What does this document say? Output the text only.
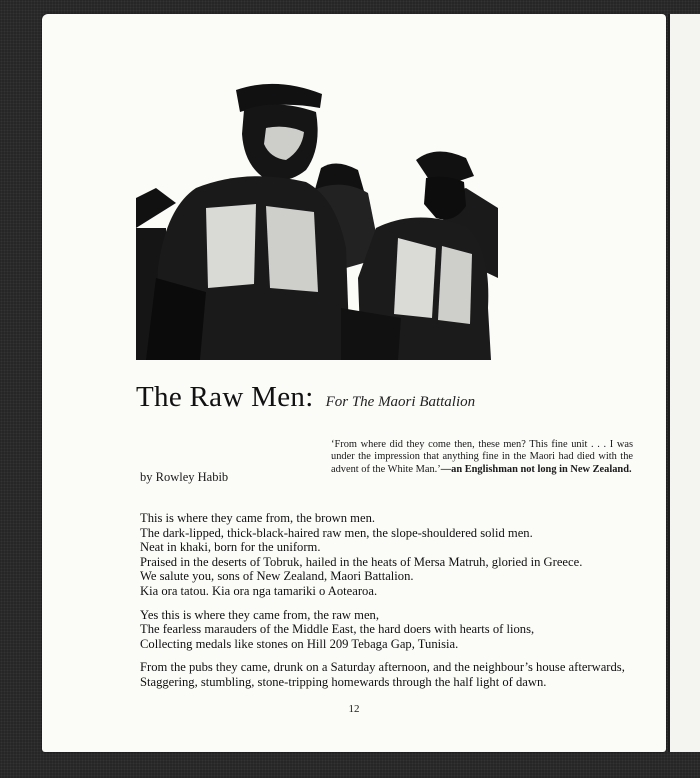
The Raw Men: For The Maori Battalion
‘From where did they come then, these men? This fine unit . . . I was under the impression that anything fine in the Maori had died with the advent of the White Man.’—an Englishman not long in New Zealand.
by Rowley Habib
This is where they came from, the brown men.
The dark-lipped, thick-black-haired raw men, the slope-shouldered solid men.
Neat in khaki, born for the uniform.
Praised in the deserts of Tobruk, hailed in the heats of Mersa Matruh, gloried in Greece.
We salute you, sons of New Zealand, Maori Battalion.
Kia ora tatou. Kia ora nga tamariki o Aotearoa.
Yes this is where they came from, the raw men,
The fearless marauders of the Middle East, the hard doers with hearts of lions,
Collecting medals like stones on Hill 209 Tebaga Gap, Tunisia.
From the pubs they came, drunk on a Saturday afternoon, and the neighbour’s house afterwards,
Staggering, stumbling, stone-tripping homewards through the half light of dawn.
12
